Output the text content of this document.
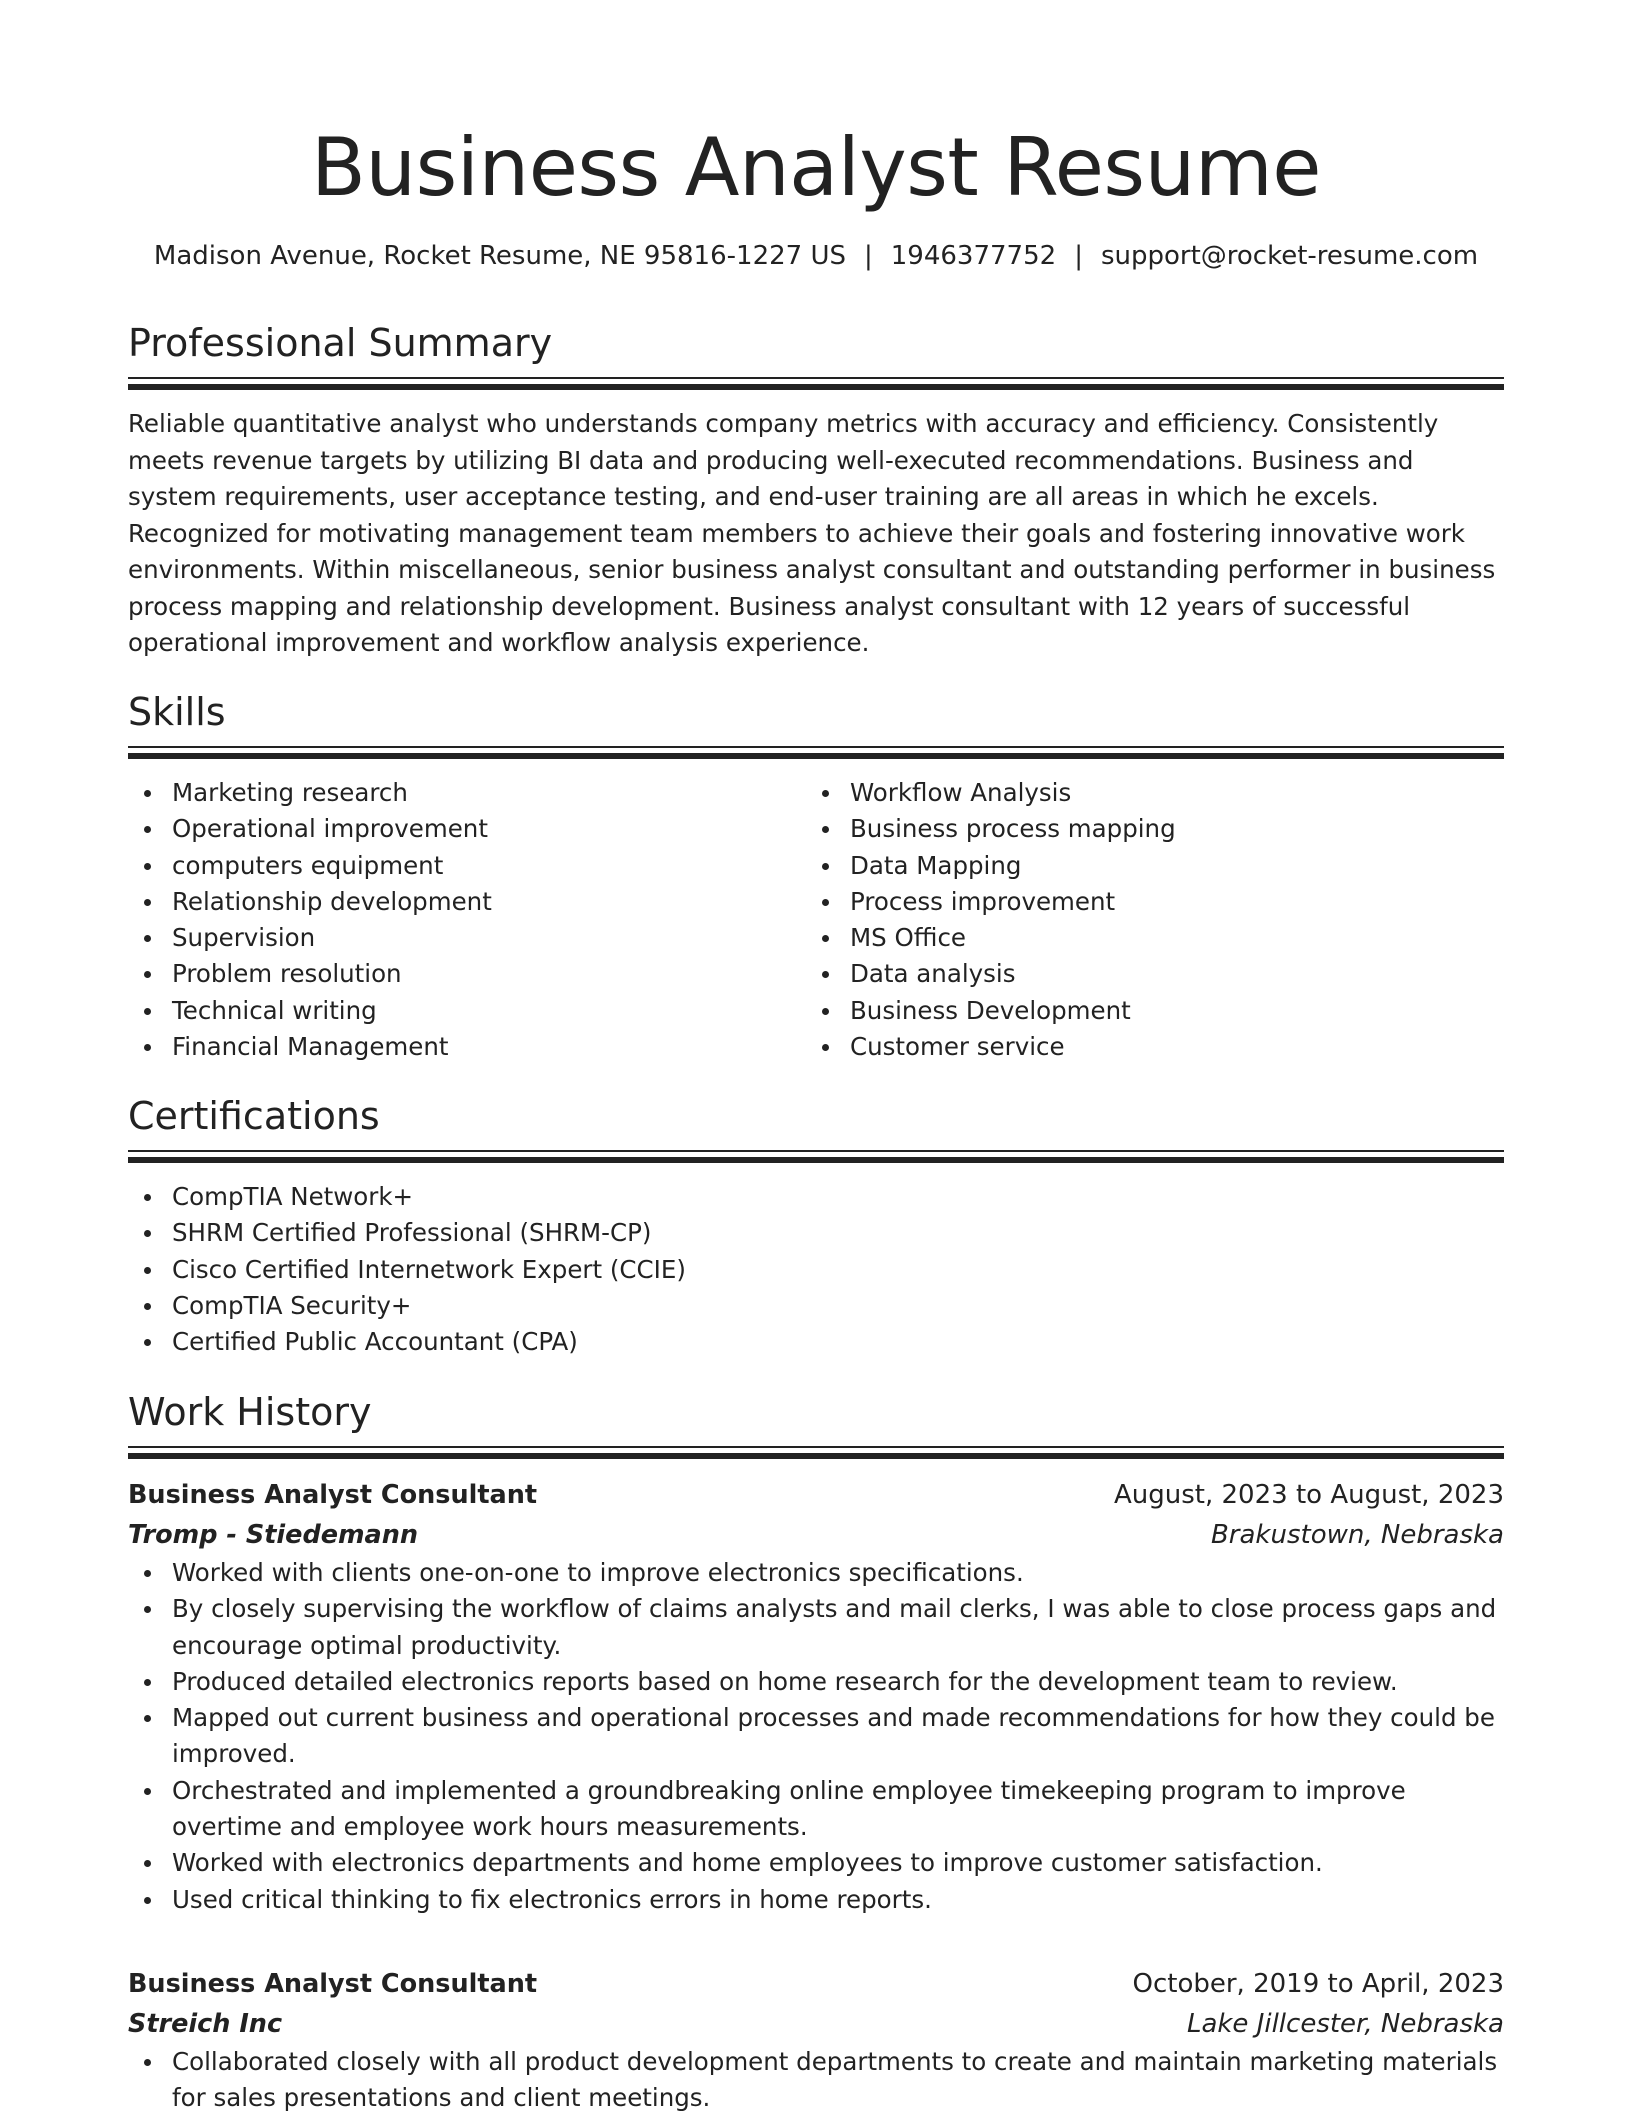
Business Analyst Resume
Madison Avenue, Rocket Resume, NE 95816-1227 US | 1946377752 | support@rocket-resume.com
Professional Summary
Reliable quantitative analyst who understands company metrics with accuracy and efficiency. Consistently meets revenue targets by utilizing BI data and producing well-executed recommendations. Business and system requirements, user acceptance testing, and end-user training are all areas in which he excels. Recognized for motivating management team members to achieve their goals and fostering innovative work environments. Within miscellaneous, senior business analyst consultant and outstanding performer in business process mapping and relationship development. Business analyst consultant with 12 years of successful operational improvement and workflow analysis experience.
Skills
Marketing research
Operational improvement
computers equipment
Relationship development
Supervision
Problem resolution
Technical writing
Financial Management
Workflow Analysis
Business process mapping
Data Mapping
Process improvement
MS Office
Data analysis
Business Development
Customer service
Certifications
CompTIA Network+
SHRM Certified Professional (SHRM-CP)
Cisco Certified Internetwork Expert (CCIE)
CompTIA Security+
Certified Public Accountant (CPA)
Work History
Business Analyst Consultant	August, 2023 to August, 2023
Tromp - Stiedemann	Brakustown, Nebraska
Worked with clients one-on-one to improve electronics specifications.
By closely supervising the workflow of claims analysts and mail clerks, I was able to close process gaps and encourage optimal productivity.
Produced detailed electronics reports based on home research for the development team to review.
Mapped out current business and operational processes and made recommendations for how they could be improved.
Orchestrated and implemented a groundbreaking online employee timekeeping program to improve overtime and employee work hours measurements.
Worked with electronics departments and home employees to improve customer satisfaction.
Used critical thinking to fix electronics errors in home reports.
Business Analyst Consultant	October, 2019 to April, 2023
Streich Inc	Lake Jillcester, Nebraska
Collaborated closely with all product development departments to create and maintain marketing materials for sales presentations and client meetings.
